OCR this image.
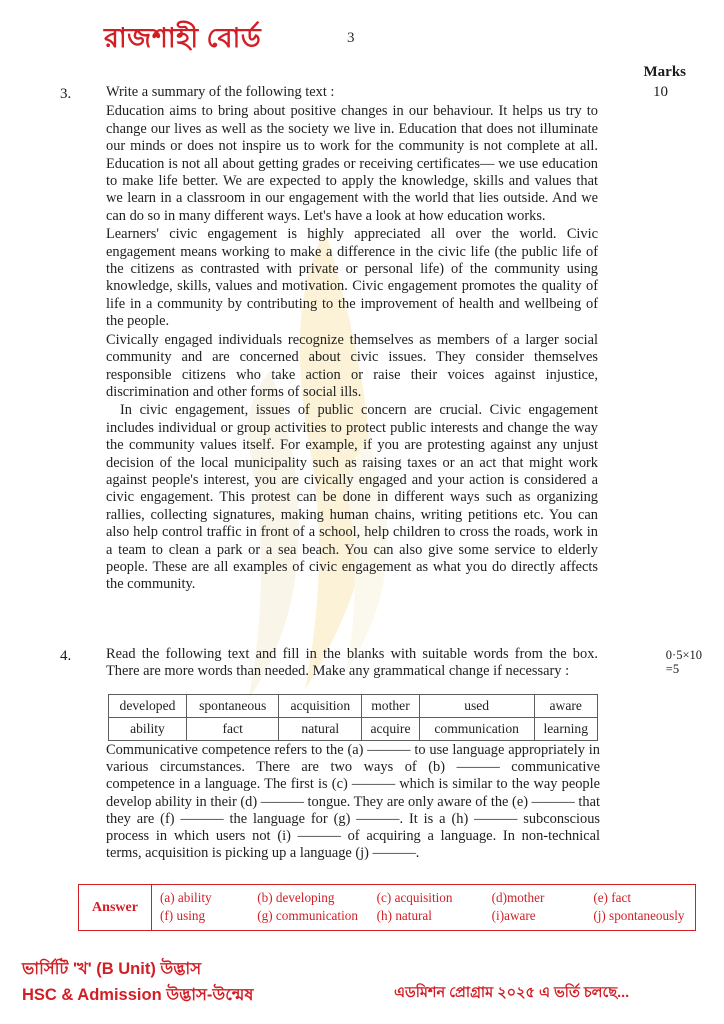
রাজশাহী বোর্ড	3
Marks
10
3. Write a summary of the following text :

Education aims to bring about positive changes in our behaviour. It helps us try to change our lives as well as the society we live in. Education that does not illuminate our minds or does not inspire us to work for the community is not complete at all. Education is not all about getting grades or receiving certificates— we use education to make life better. We are expected to apply the knowledge, skills and values that we learn in a classroom in our engagement with the world that lies outside. And we can do so in many different ways. Let's have a look at how education works.

Learners' civic engagement is highly appreciated all over the world. Civic engagement means working to make a difference in the civic life (the public life of the citizens as contrasted with private or personal life) of the community using knowledge, skills, values and motivation. Civic engagement promotes the quality of life in a community by contributing to the improvement of health and wellbeing of the people.

Civically engaged individuals recognize themselves as members of a larger social community and are concerned about civic issues. They consider themselves responsible citizens who take action or raise their voices against injustice, discrimination and other forms of social ills.

In civic engagement, issues of public concern are crucial. Civic engagement includes individual or group activities to protect public interests and change the way the community values itself. For example, if you are protesting against any unjust decision of the local municipality such as raising taxes or an act that might work against people's interest, you are civically engaged and your action is considered a civic engagement. This protest can be done in different ways such as organizing rallies, collecting signatures, making human chains, writing petitions etc. You can also help control traffic in front of a school, help children to cross the roads, work in a team to clean a park or a sea beach. You can also give some service to elderly people. These are all examples of civic engagement as what you do directly affects the community.

4. Read the following text and fill in the blanks with suitable words from the box. There are more words than needed. Make any grammatical change if necessary :

0·5×10
=5
developed	spontaneous	acquisition	mother	used	aware
ability	fact	natural	acquire	communication	learning
Communicative competence refers to the (a) ——— to use language appropriately in various circumstances. There are two ways of (b) ——— communicative competence in a language. The first is (c) ——— which is similar to the way people develop ability in their (d) ——— tongue. They are only aware of the (e) ——— that they are (f) ——— the language for (g) ———. It is a (h) ——— subconscious process in which users not (i) ——— of acquiring a language. In non-technical terms, acquisition is picking up a language (j) ———.
Answer
(a) ability	(b) developing	(c) acquisition	(d)mother	(e) fact
(f) using	(g) communication	(h) natural	(i)aware	(j) spontaneously
ভার্সিটি 'খ' (B Unit) উদ্ভাস
HSC & Admission উদ্ভাস-উন্মেষ	এডমিশন প্রোগ্রাম ২০২৫ এ ভর্তি চলছে...
